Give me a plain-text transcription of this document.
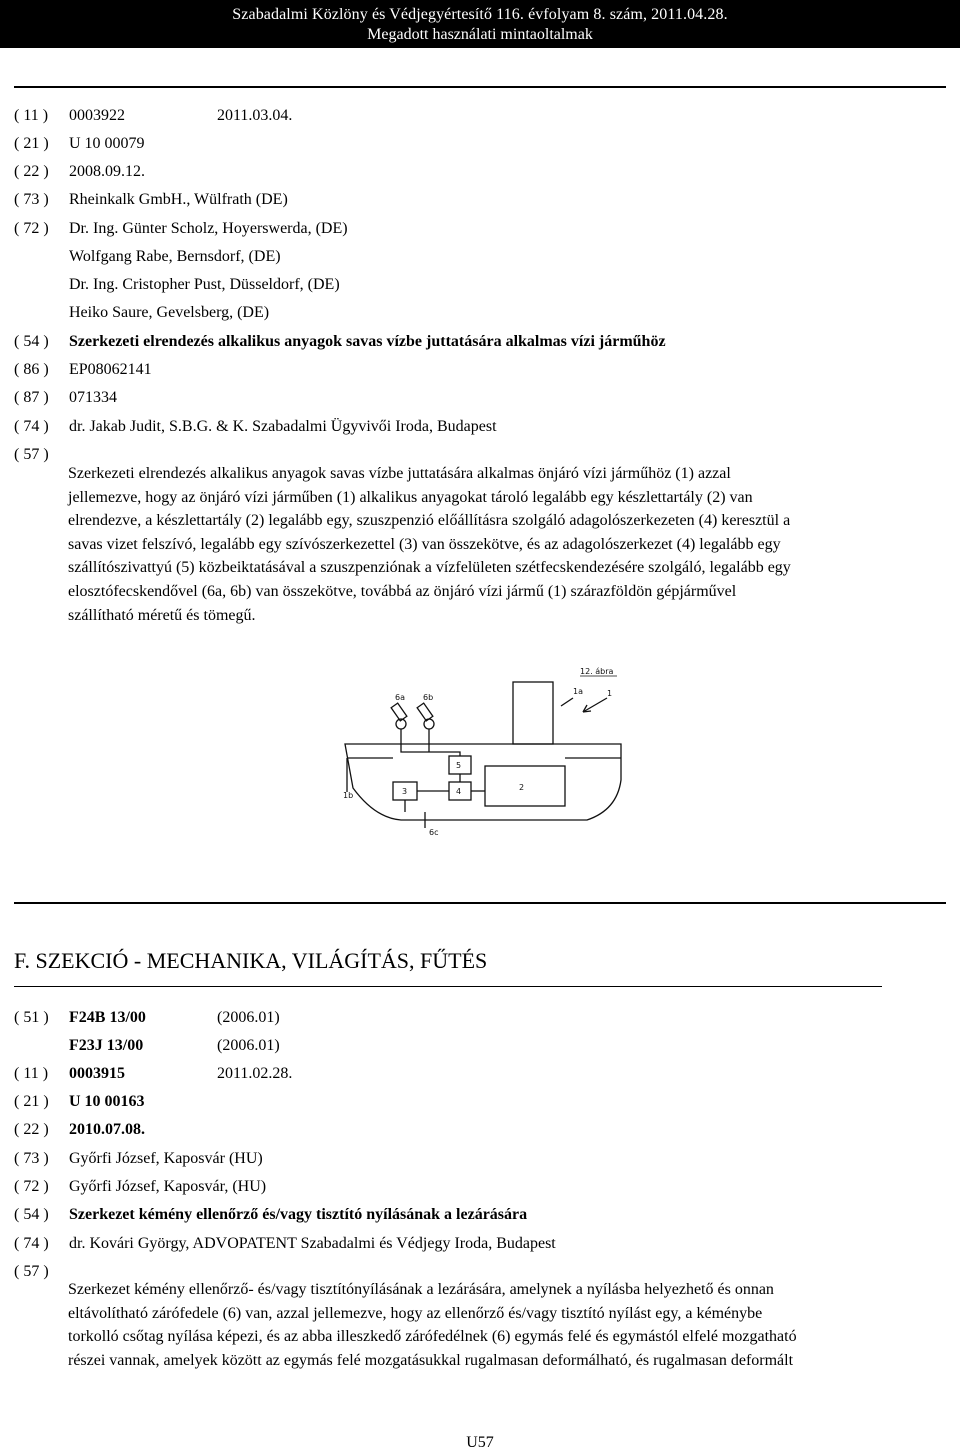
Szabadalmi Közlöny és Védjegyértesítő 116. évfolyam 8. szám, 2011.04.28.
Megadott használati mintaoltalmak
( 11 )	0003922	2011.03.04.
( 21 )	U 10 00079
( 22 )	2008.09.12.
( 73 )	Rheinkalk GmbH., Wülfrath (DE)
( 72 )	Dr. Ing. Günter Scholz, Hoyerswerda, (DE)
Wolfgang Rabe, Bernsdorf, (DE)
Dr. Ing. Cristopher Pust, Düsseldorf, (DE)
Heiko Saure, Gevelsberg, (DE)
( 54 )	Szerkezeti elrendezés alkalikus anyagok savas vízbe juttatására alkalmas vízi járműhöz
( 86 )	EP08062141
( 87 )	071334
( 74 )	dr. Jakab Judit, S.B.G. & K. Szabadalmi Ügyvivői Iroda, Budapest
( 57 )
Szerkezeti elrendezés alkalikus anyagok savas vízbe juttatására alkalmas önjáró vízi járműhöz (1) azzal
jellemezve, hogy az önjáró vízi járműben (1) alkalikus anyagokat tároló legalább egy készlettartály (2) van
elrendezve, a készlettartály (2) legalább egy, szuszpenzió előállításra szolgáló adagolószerkezeten (4) keresztül a
savas vizet felszívó, legalább egy szívószerkezettel (3) van összekötve, és az adagolószerkezet (4) legalább egy
szállítószivattyú (5) közbeiktatásával a szuszpenziónak a vízfelületen szétfecskendezésére szolgáló, legalább egy
elosztófecskendővel (6a, 6b) van összekötve, továbbá az önjáró vízi jármű (1) szárazföldön gépjárművel
szállítható méretű és tömegű.
12. ábra
6a 6b
1a	1
5
2
3	4
1b
6c
F. SZEKCIÓ - MECHANIKA, VILÁGÍTÁS, FŰTÉS
( 51 )	F24B 13/00	(2006.01)
F23J 13/00	(2006.01)
( 11 )	0003915	2011.02.28.
( 21 )	U 10 00163
( 22 )	2010.07.08.
( 73 )	Győrfi József, Kaposvár (HU)
( 72 )	Győrfi József, Kaposvár, (HU)
( 54 )	Szerkezet kémény ellenőrző és/vagy tisztító nyílásának a lezárására
( 74 )	dr. Kovári György, ADVOPATENT Szabadalmi és Védjegy Iroda, Budapest
( 57 )
Szerkezet kémény ellenőrző- és/vagy tisztítónyílásának a lezárására, amelynek a nyílásba helyezhető és onnan
eltávolítható zárófedele (6) van, azzal jellemezve, hogy az ellenőrző és/vagy tisztító nyílást egy, a kéménybe
torkolló csőtag nyílása képezi, és az abba illeszkedő zárófedélnek (6) egymás felé és egymástól elfelé mozgatható
részei vannak, amelyek között az egymás felé mozgatásukkal rugalmasan deformálható, és rugalmasan deformált
U57
